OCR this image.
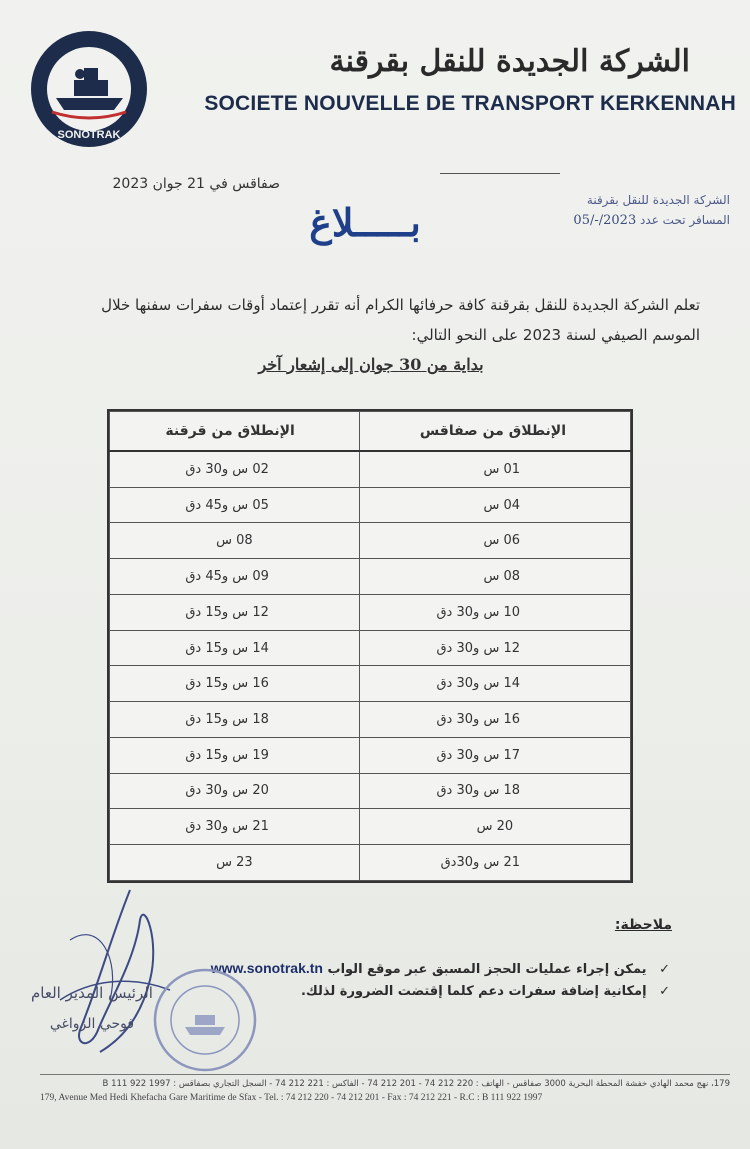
SONOTRAK
الشركة الجديدة للنقل بقرقنة
SOCIETE NOUVELLE DE TRANSPORT KERKENNAH
صفاقس في 21 جوان 2023
الشركة الجديدة للنقل بقرقنة
المسافر تحت عدد 2023/-/05
بـــــلاغ
تعلم الشركة الجديدة للنقل بقرقنة كافة حرفائها الكرام أنه تقرر إعتماد أوقات سفرات سفنها خلال الموسم الصيفي لسنة 2023 على النحو التالي:
بداية من 30 جوان إلى إشعار آخر
الإنطلاق من صفاقس	الإنطلاق من قرقنة
01 س	02 س و30 دق
04 س	05 س و45 دق
06 س	08 س
08 س	09 س و45 دق
10 س و30 دق	12 س و15 دق
12 س و30 دق	14 س و15 دق
14 س و30 دق	16 س و15 دق
16 س و30 دق	18 س و15 دق
17 س و30 دق	19 س و15 دق
18 س و30 دق	20 س و30 دق
20 س	21 س و30 دق
21 س و30دق	23 س
ملاحظة:
✓ يمكن إجراء عمليات الحجز المسبق عبر موقع الواب www.sonotrak.tn
✓ إمكانية إضافة سفرات دعم كلما إقتضت الضرورة لذلك.
الرئيس المدير العام
فوحي الزواغي
179، نهج محمد الهادي خفشة المحطة البحرية 3000 صفاقس - الهاتف : 220 212 74 - 201 212 74 - الفاكس : 221 212 74 - السجل التجاري بصفاقس : B 111 922 1997
179, Avenue Med Hedi Khefacha Gare Maritime de Sfax - Tel. : 74 212 220 - 74 212 201 - Fax : 74 212 221 - R.C : B 111 922 1997
